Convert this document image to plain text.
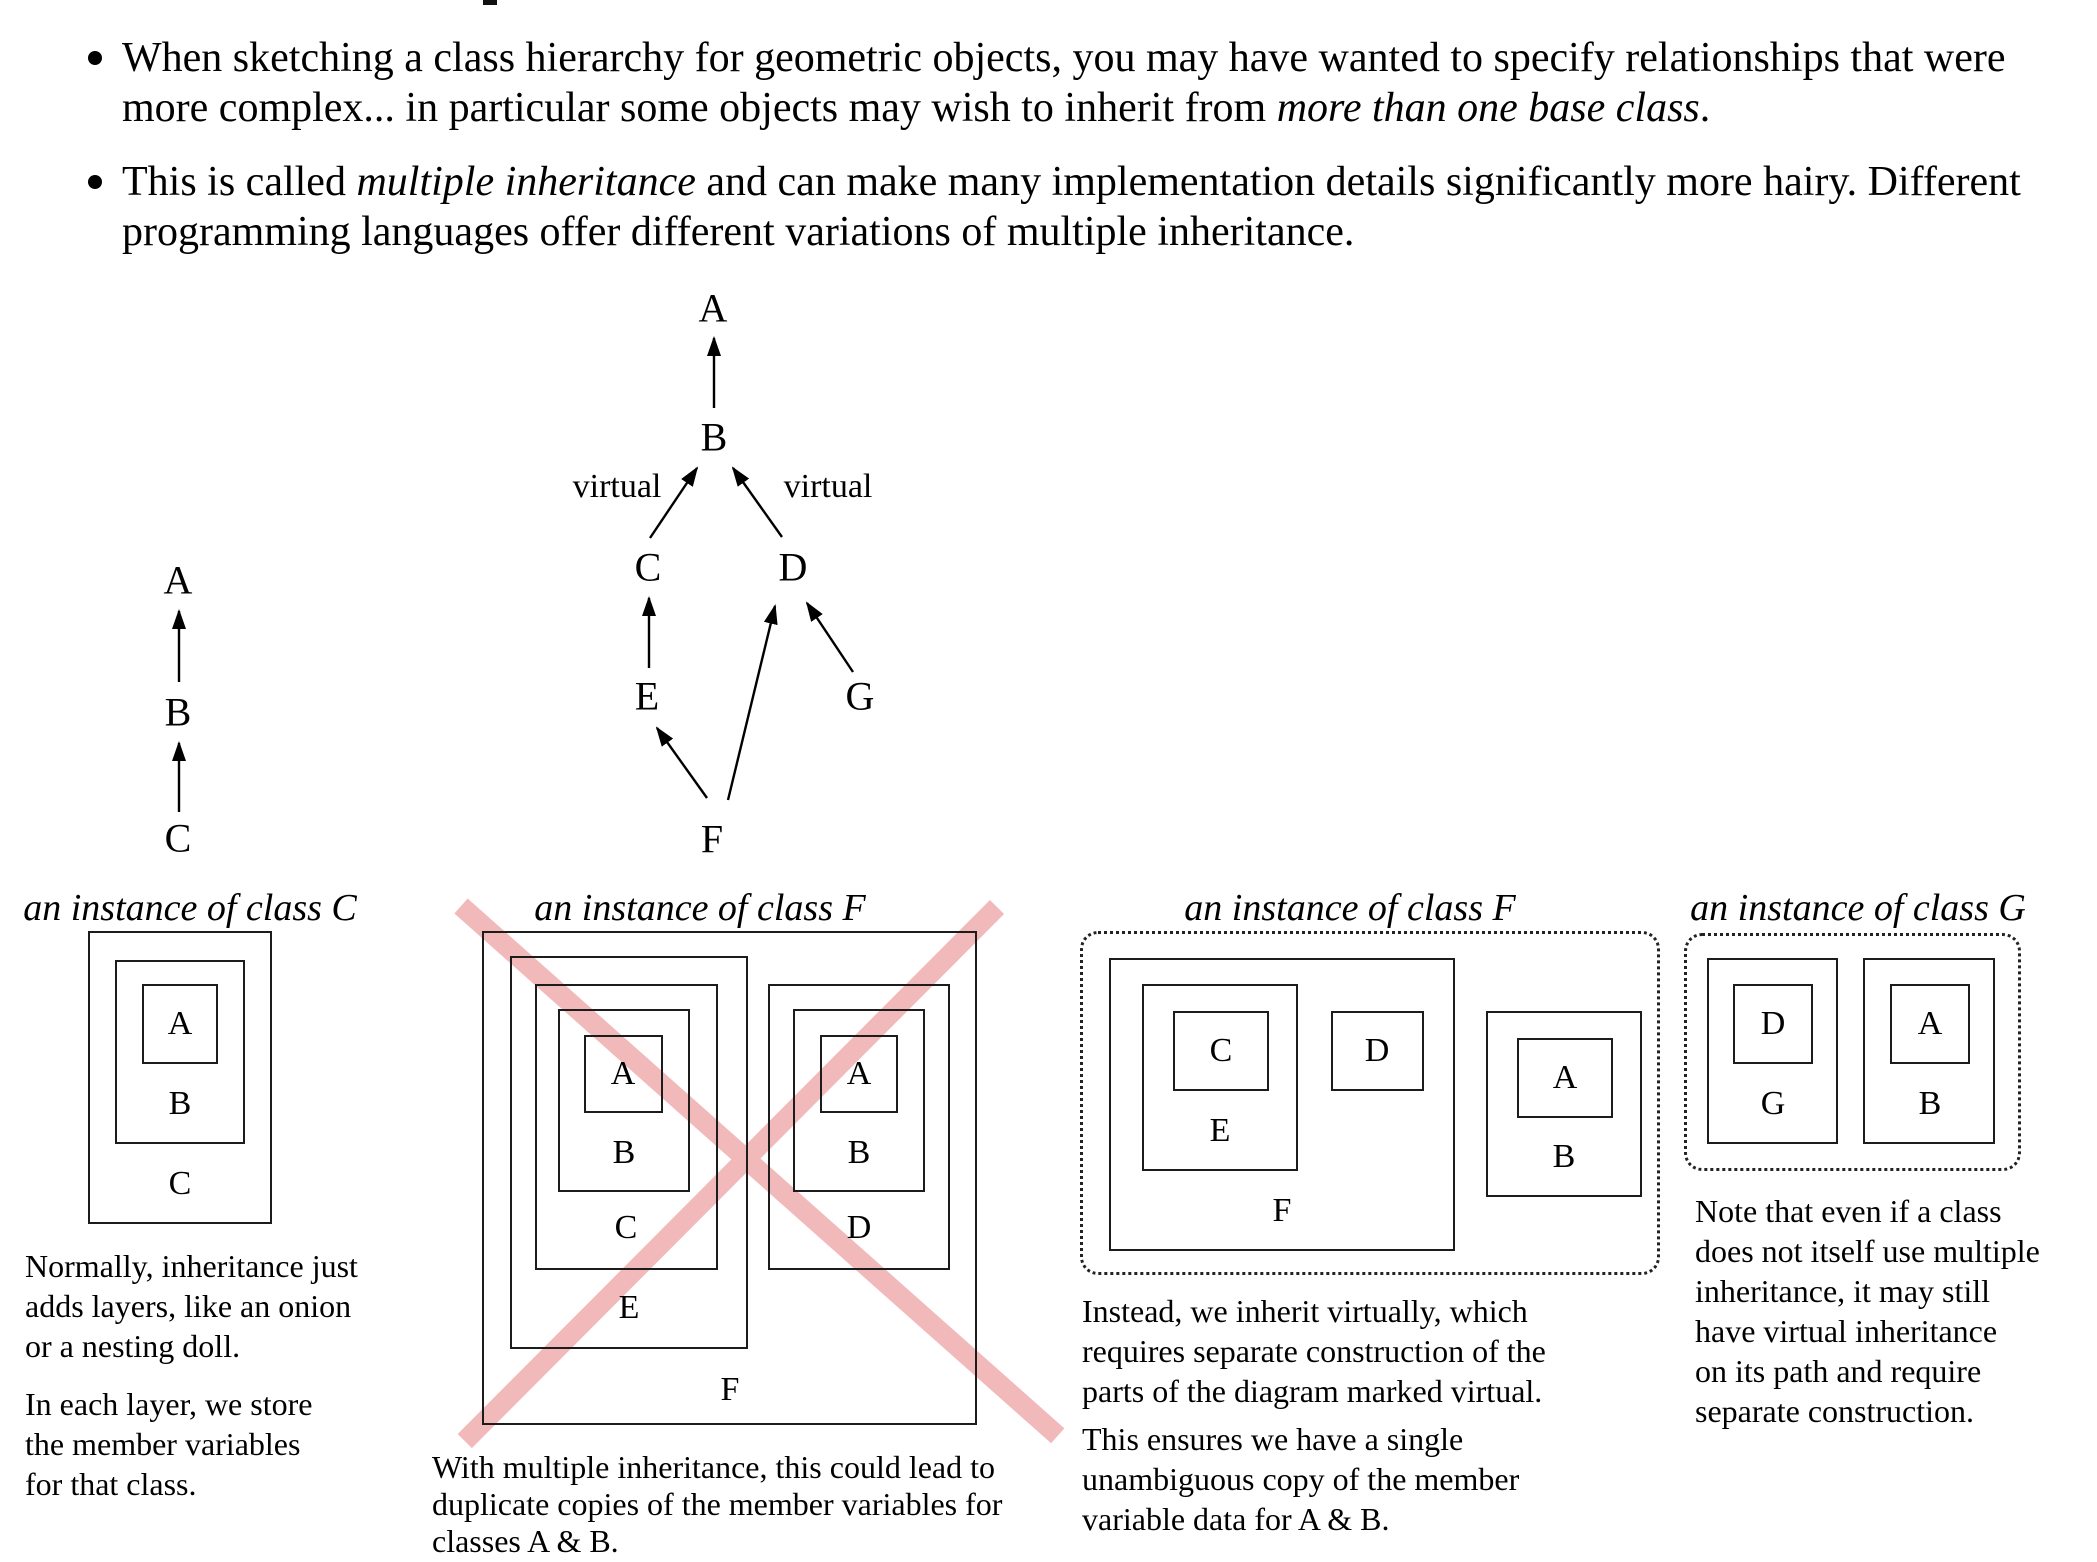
When sketching a class hierarchy for geometric objects, you may have wanted to specify relationships that were more complex... in particular some objects may wish to inherit from more than one base class.
This is called multiple inheritance and can make many implementation details significantly more hairy. Different programming languages offer different variations of multiple inheritance.
A
B
C
A
B
C	D
E	G
F
virtual	virtual
an instance of class C
A
B
C
Normally, inheritance just
adds layers, like an onion
or a nesting doll.
In each layer, we store
the member variables
for that class.
an instance of class F
A
B
C
E
A
B
D
F
With multiple inheritance, this could lead to
duplicate copies of the member variables for
classes A & B.
an instance of class F
C	D
E
F
A
B
Instead, we inherit virtually, which
requires separate construction of the
parts of the diagram marked virtual.
This ensures we have a single
unambiguous copy of the member
variable data for A & B.
an instance of class G
D
G
A
B
Note that even if a class
does not itself use multiple
inheritance, it may still
have virtual inheritance
on its path and require
separate construction.
